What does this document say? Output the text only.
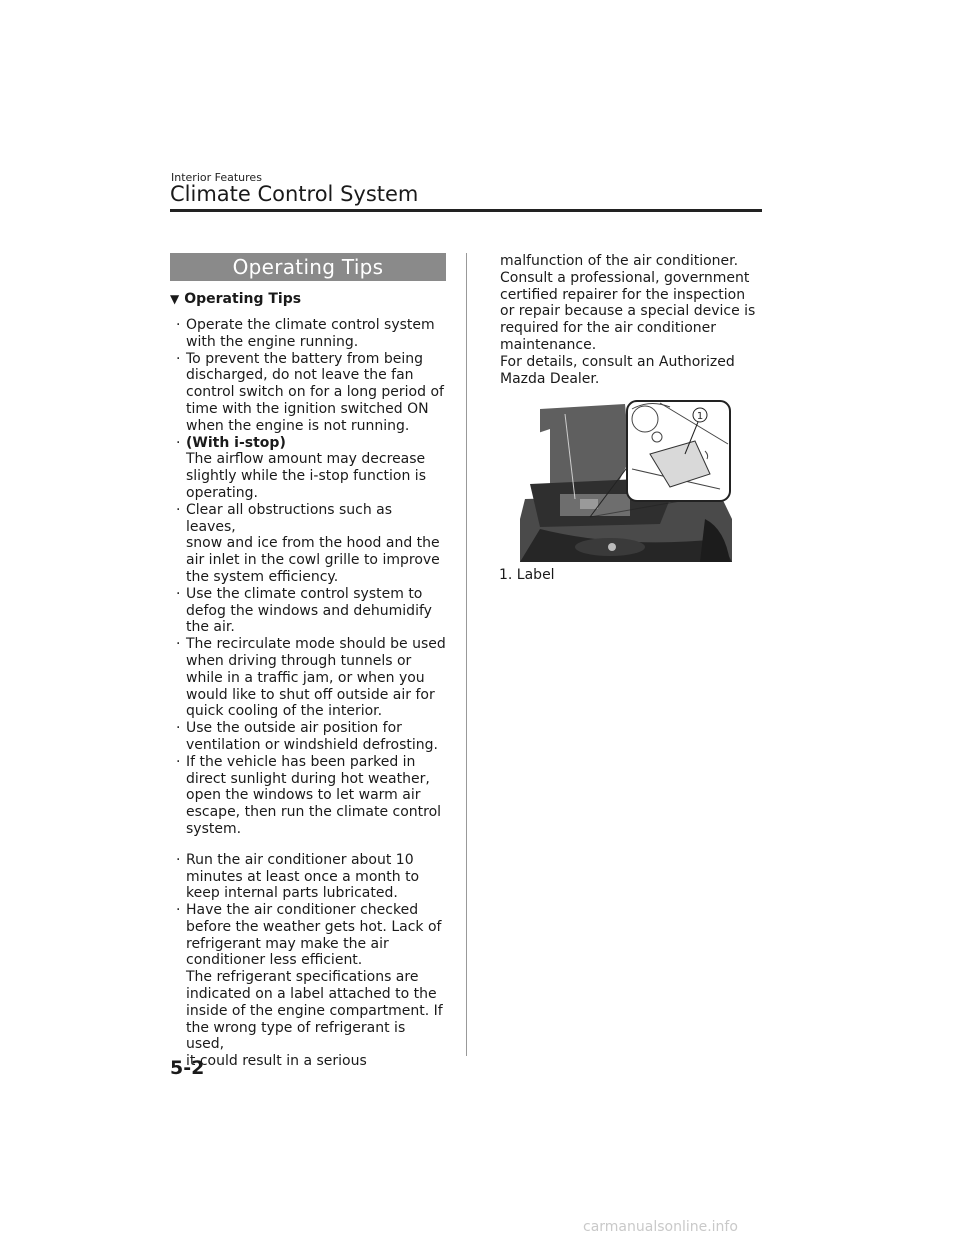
Interior Features
Climate Control System
Operating Tips
▼ Operating Tips
· Operate the climate control system
with the engine running.
· To prevent the battery from being
discharged, do not leave the fan
control switch on for a long period of
time with the ignition switched ON
when the engine is not running.
· (With i-stop)
The airflow amount may decrease
slightly while the i-stop function is
operating.
· Clear all obstructions such as leaves,
snow and ice from the hood and the
air inlet in the cowl grille to improve
the system efficiency.
· Use the climate control system to
defog the windows and dehumidify
the air.
· The recirculate mode should be used
when driving through tunnels or
while in a traffic jam, or when you
would like to shut off outside air for
quick cooling of the interior.
· Use the outside air position for
ventilation or windshield defrosting.
· If the vehicle has been parked in
direct sunlight during hot weather,
open the windows to let warm air
escape, then run the climate control
system.
· Run the air conditioner about 10
minutes at least once a month to
keep internal parts lubricated.
· Have the air conditioner checked
before the weather gets hot. Lack of
refrigerant may make the air
conditioner less efficient.
The refrigerant specifications are
indicated on a label attached to the
inside of the engine compartment. If
the wrong type of refrigerant is used,
it could result in a serious
malfunction of the air conditioner.
Consult a professional, government
certified repairer for the inspection
or repair because a special device is
required for the air conditioner
maintenance.
For details, consult an Authorized
Mazda Dealer.
1
1. Label
5-2
carmanualsonline.info
